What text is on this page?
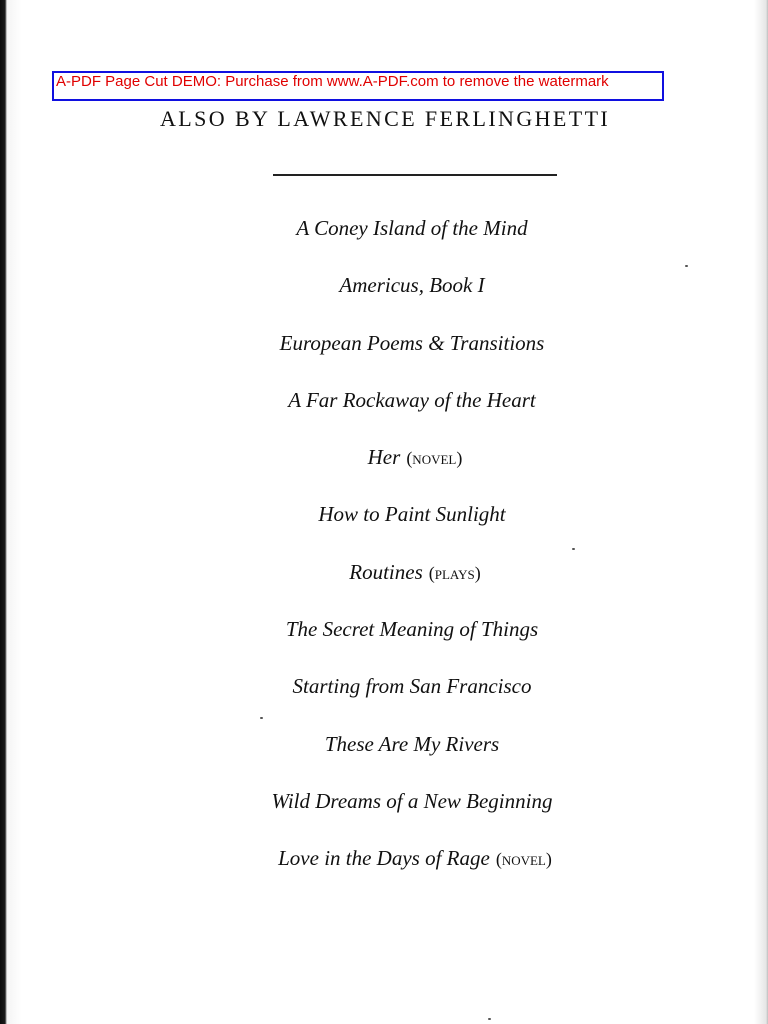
A-PDF Page Cut DEMO: Purchase from www.A-PDF.com to remove the watermark
ALSO BY LAWRENCE FERLINGHETTI
A Coney Island of the Mind
Americus, Book I
European Poems & Transitions
A Far Rockaway of the Heart
Her (novel)
How to Paint Sunlight
Routines (plays)
The Secret Meaning of Things
Starting from San Francisco
These Are My Rivers
Wild Dreams of a New Beginning
Love in the Days of Rage (novel)
